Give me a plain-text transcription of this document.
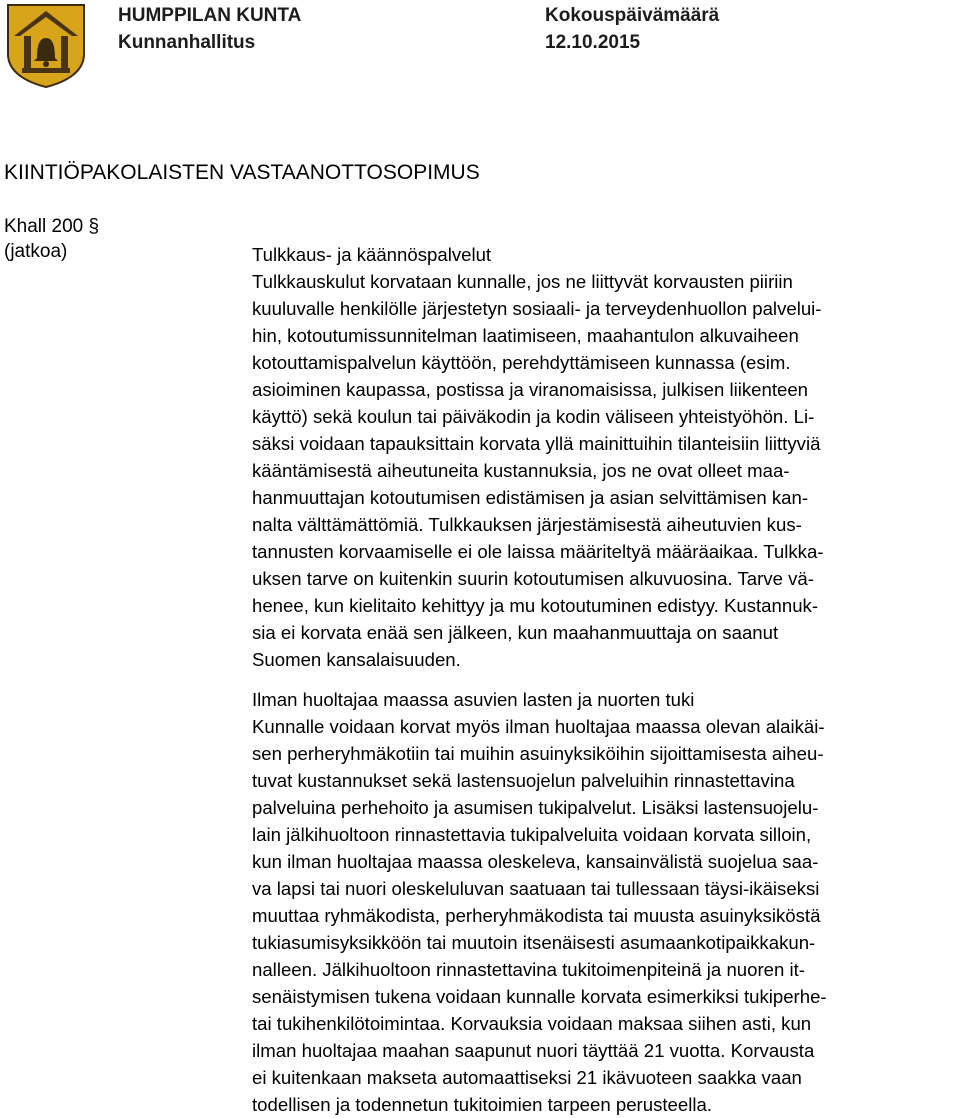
HUMPPILAN KUNTA
Kunnanhallitus
Kokouspäivämäärä
12.10.2015
KIINTIÖPAKOLAISTEN VASTAANOTTOSOPIMUS
Khall 200 §
(jatkoa)	Tulkkaus- ja käännöspalvelut
Tulkkauskulut korvataan kunnalle, jos ne liittyvät korvausten piiriin
kuuluvalle henkilölle järjestetyn sosiaali- ja terveydenhuollon palvelui-
hin, kotoutumissunnitelman laatimiseen, maahantulon alkuvaiheen
kotouttamispalvelun käyttöön, perehdyttämiseen kunnassa (esim.
asioiminen kaupassa, postissa ja viranomaisissa, julkisen liikenteen
käyttö) sekä koulun tai päiväkodin ja kodin väliseen yhteistyöhön. Li-
säksi voidaan tapauksittain korvata yllä mainittuihin tilanteisiin liittyviä
kääntämisestä aiheutuneita kustannuksia, jos ne ovat olleet maa-
hanmuuttajan kotoutumisen edistämisen ja asian selvittämisen kan-
nalta välttämättömiä. Tulkkauksen järjestämisestä aiheutuvien kus-
tannusten korvaamiselle ei ole laissa määriteltyä määräaikaa. Tulkka-
uksen tarve on kuitenkin suurin kotoutumisen alkuvuosina. Tarve vä-
henee, kun kielitaito kehittyy ja mu kotoutuminen edistyy. Kustannuk-
sia ei korvata enää sen jälkeen, kun maahanmuuttaja on saanut
Suomen kansalaisuuden.

Ilman huoltajaa maassa asuvien lasten ja nuorten tuki
Kunnalle voidaan korvat myös ilman huoltajaa maassa olevan alaikäi-
sen perheryhmäkotiin tai muihin asuinyksiköihin sijoittamisesta aiheu-
tuvat kustannukset sekä lastensuojelun palveluihin rinnastettavina
palveluina perhehoito ja asumisen tukipalvelut. Lisäksi lastensuojelu-
lain jälkihuoltoon rinnastettavia tukipalveluita voidaan korvata silloin,
kun ilman huoltajaa maassa oleskeleva, kansainvälistä suojelua saa-
va lapsi tai nuori oleskeluluvan saatuaan tai tullessaan täysi-ikäiseksi
muuttaa ryhmäkodista, perheryhmäkodista tai muusta asuinyksiköstä
tukiasumisyksikköön tai muutoin itsenäisesti asumaankotipaikkakun-
nalleen. Jälkihuoltoon rinnastettavina tukitoimenpiteinä ja nuoren it-
senäistymisen tukena voidaan kunnalle korvata esimerkiksi tukiperhe-
tai tukihenkilötoimintaa. Korvauksia voidaan maksaa siihen asti, kun
ilman huoltajaa maahan saapunut nuori täyttää 21 vuotta. Korvausta
ei kuitenkaan makseta automaattiseksi 21 ikävuoteen saakka vaan
todellisen ja todennetun tukitoimien tarpeen perusteella.
